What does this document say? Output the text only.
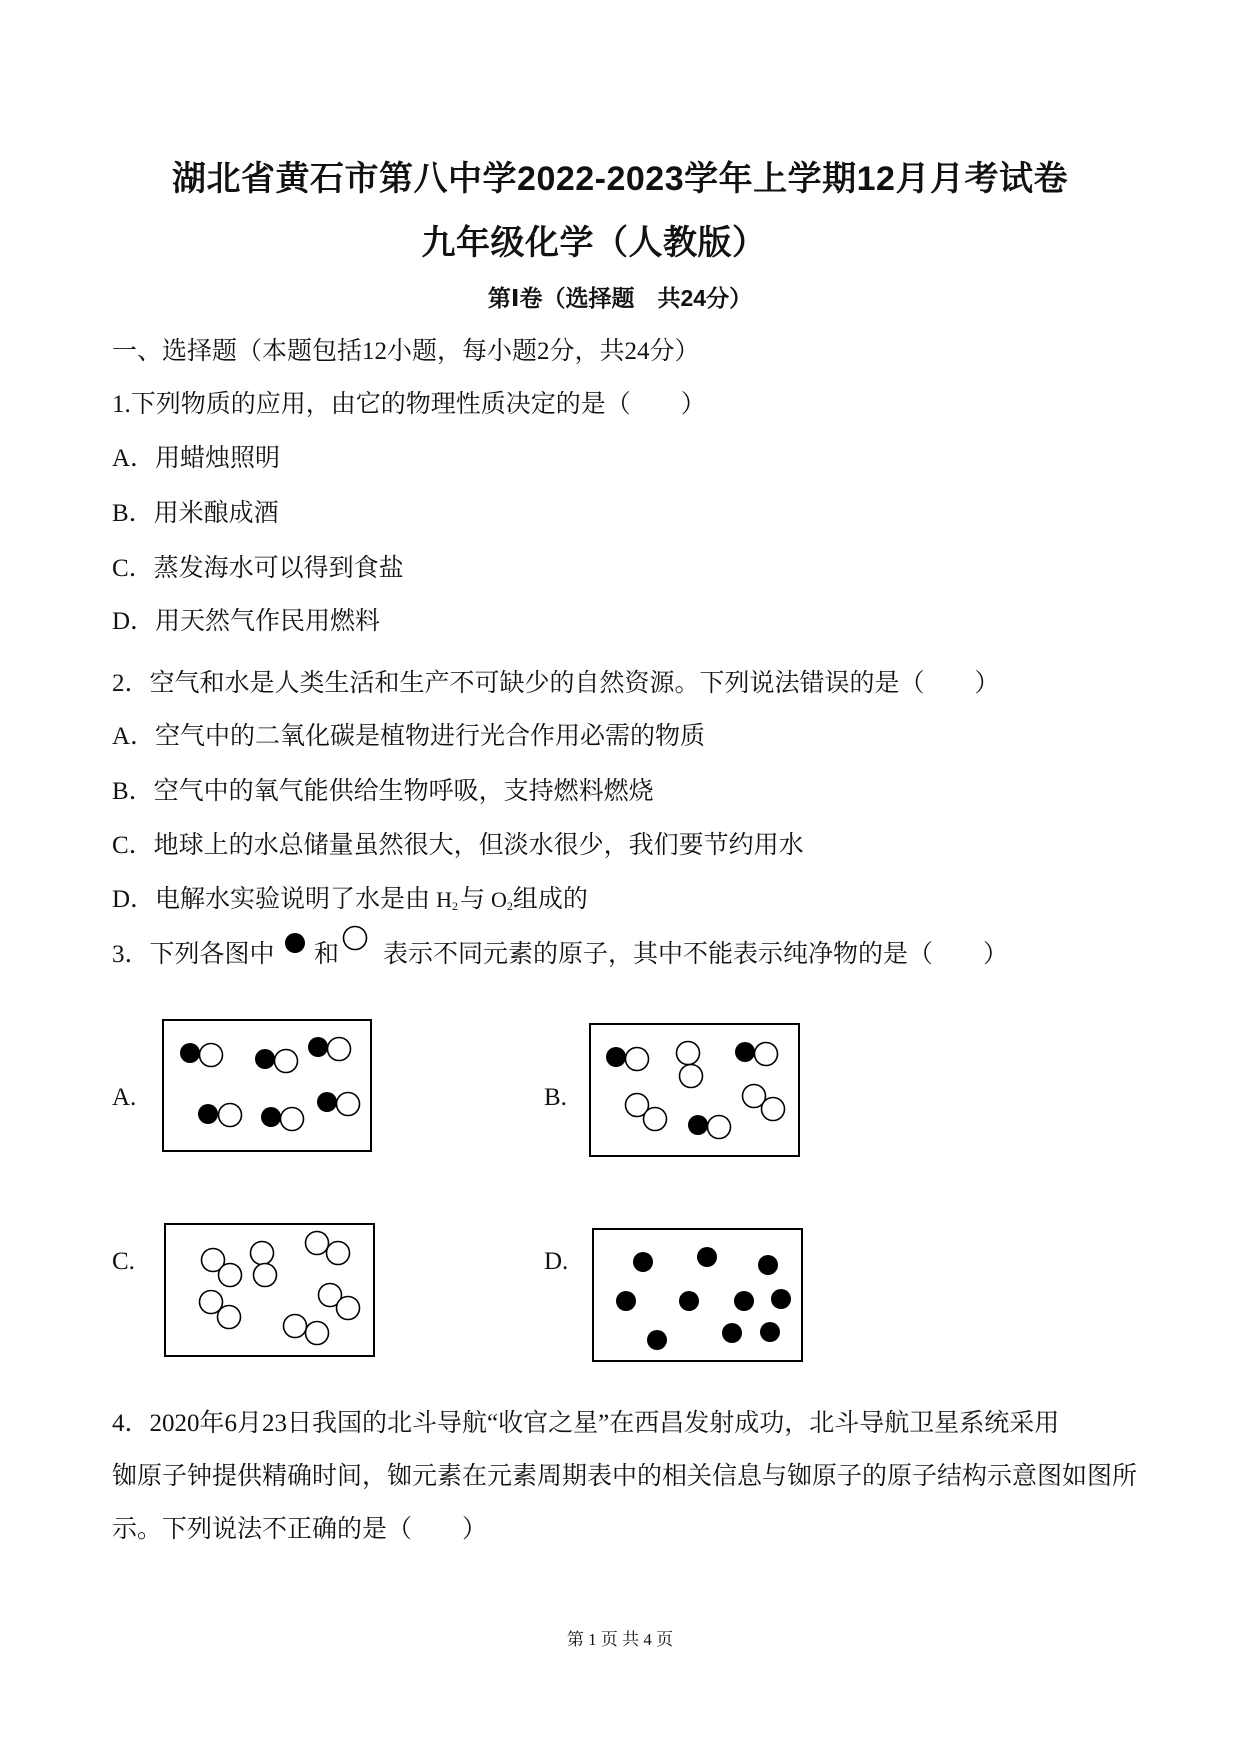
湖北省黄石市第八中学2022-2023学年上学期12月月考试卷
九年级化学（人教版）
第Ⅰ卷（选择题　共24分）
一、选择题（本题包括12小题，每小题2分，共24分）
1.下列物质的应用，由它的物理性质决定的是（　　）
A．用蜡烛照明
B．用米酿成酒
C．蒸发海水可以得到食盐
D．用天然气作民用燃料
2．空气和水是人类生活和生产不可缺少的自然资源。下列说法错误的是（　　）
A．空气中的二氧化碳是植物进行光合作用必需的物质
B．空气中的氧气能供给生物呼吸，支持燃料燃烧
C．地球上的水总储量虽然很大，但淡水很少，我们要节约用水
D．电解水实验说明了水是由 $H_2$与 $O_2$组成的
3．下列各图中 和 表示不同元素的原子，其中不能表示纯净物的是（　　）
A.	B.
C.	D.
4．2020年6月23日我国的北斗导航“收官之星”在西昌发射成功，北斗导航卫星系统采用
铷原子钟提供精确时间，铷元素在元素周期表中的相关信息与铷原子的原子结构示意图如图所
示。下列说法不正确的是（　　）
第 1 页 共 4 页
